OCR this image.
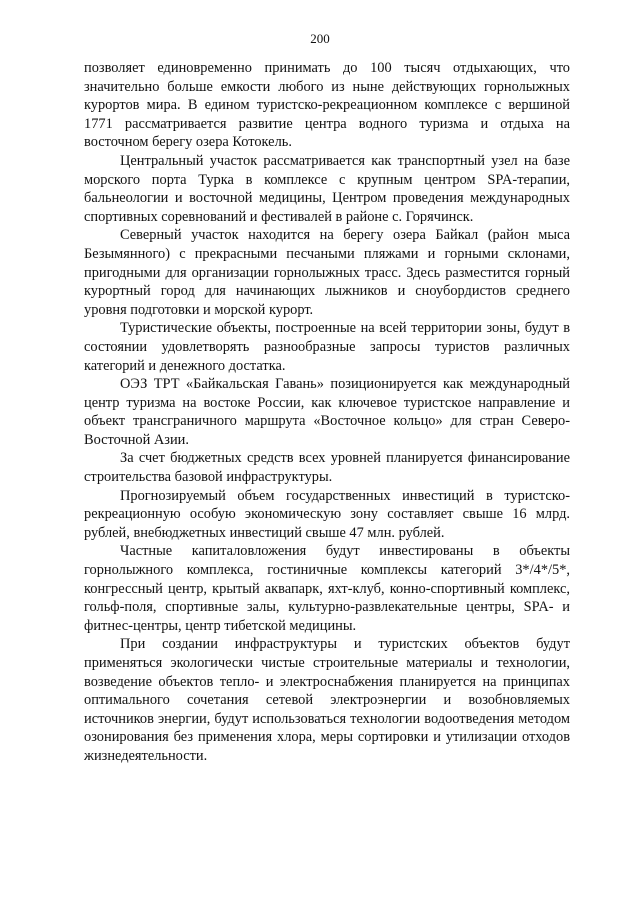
200

позволяет единовременно принимать до 100 тысяч отдыхающих, что значительно больше емкости любого из ныне действующих горнолыжных курортов мира. В едином туристско-рекреационном комплексе с вершиной 1771 рассматривается развитие центра водного туризма и отдыха на восточном берегу озера Котокель.

Центральный участок рассматривается как транспортный узел на базе морского порта Турка в комплексе с крупным центром SPA-терапии, бальнеологии и восточной медицины, Центром проведения международных спортивных соревнований и фестивалей в районе с. Горячинск.

Северный участок находится на берегу озера Байкал (район мыса Безымянного) с прекрасными песчаными пляжами и горными склонами, пригодными для организации горнолыжных трасс. Здесь разместится горный курортный город для начинающих лыжников и сноубордистов среднего уровня подготовки и морской курорт.

Туристические объекты, построенные на всей территории зоны, будут в состоянии удовлетворять разнообразные запросы туристов различных категорий и денежного достатка.

ОЭЗ ТРТ «Байкальская Гавань» позиционируется как международный центр туризма на востоке России, как ключевое туристское направление и объект трансграничного маршрута «Восточное кольцо» для стран Северо-Восточной Азии.

За счет бюджетных средств всех уровней планируется финансирование строительства базовой инфраструктуры.

Прогнозируемый объем государственных инвестиций в туристско-рекреационную особую экономическую зону составляет свыше 16 млрд. рублей, внебюджетных инвестиций свыше 47 млн. рублей.

Частные капиталовложения будут инвестированы в объекты горнолыжного комплекса, гостиничные комплексы категорий 3*/4*/5*, конгрессный центр, крытый аквапарк, яхт-клуб, конно-спортивный комплекс, гольф-поля, спортивные залы, культурно-развлекательные центры, SPA- и фитнес-центры, центр тибетской медицины.

При создании инфраструктуры и туристских объектов будут применяться экологически чистые строительные материалы и технологии, возведение объектов тепло- и электроснабжения планируется на принципах оптимального сочетания сетевой электроэнергии и возобновляемых источников энергии, будут использоваться технологии водоотведения методом озонирования без применения хлора, меры сортировки и утилизации отходов жизнедеятельности.
